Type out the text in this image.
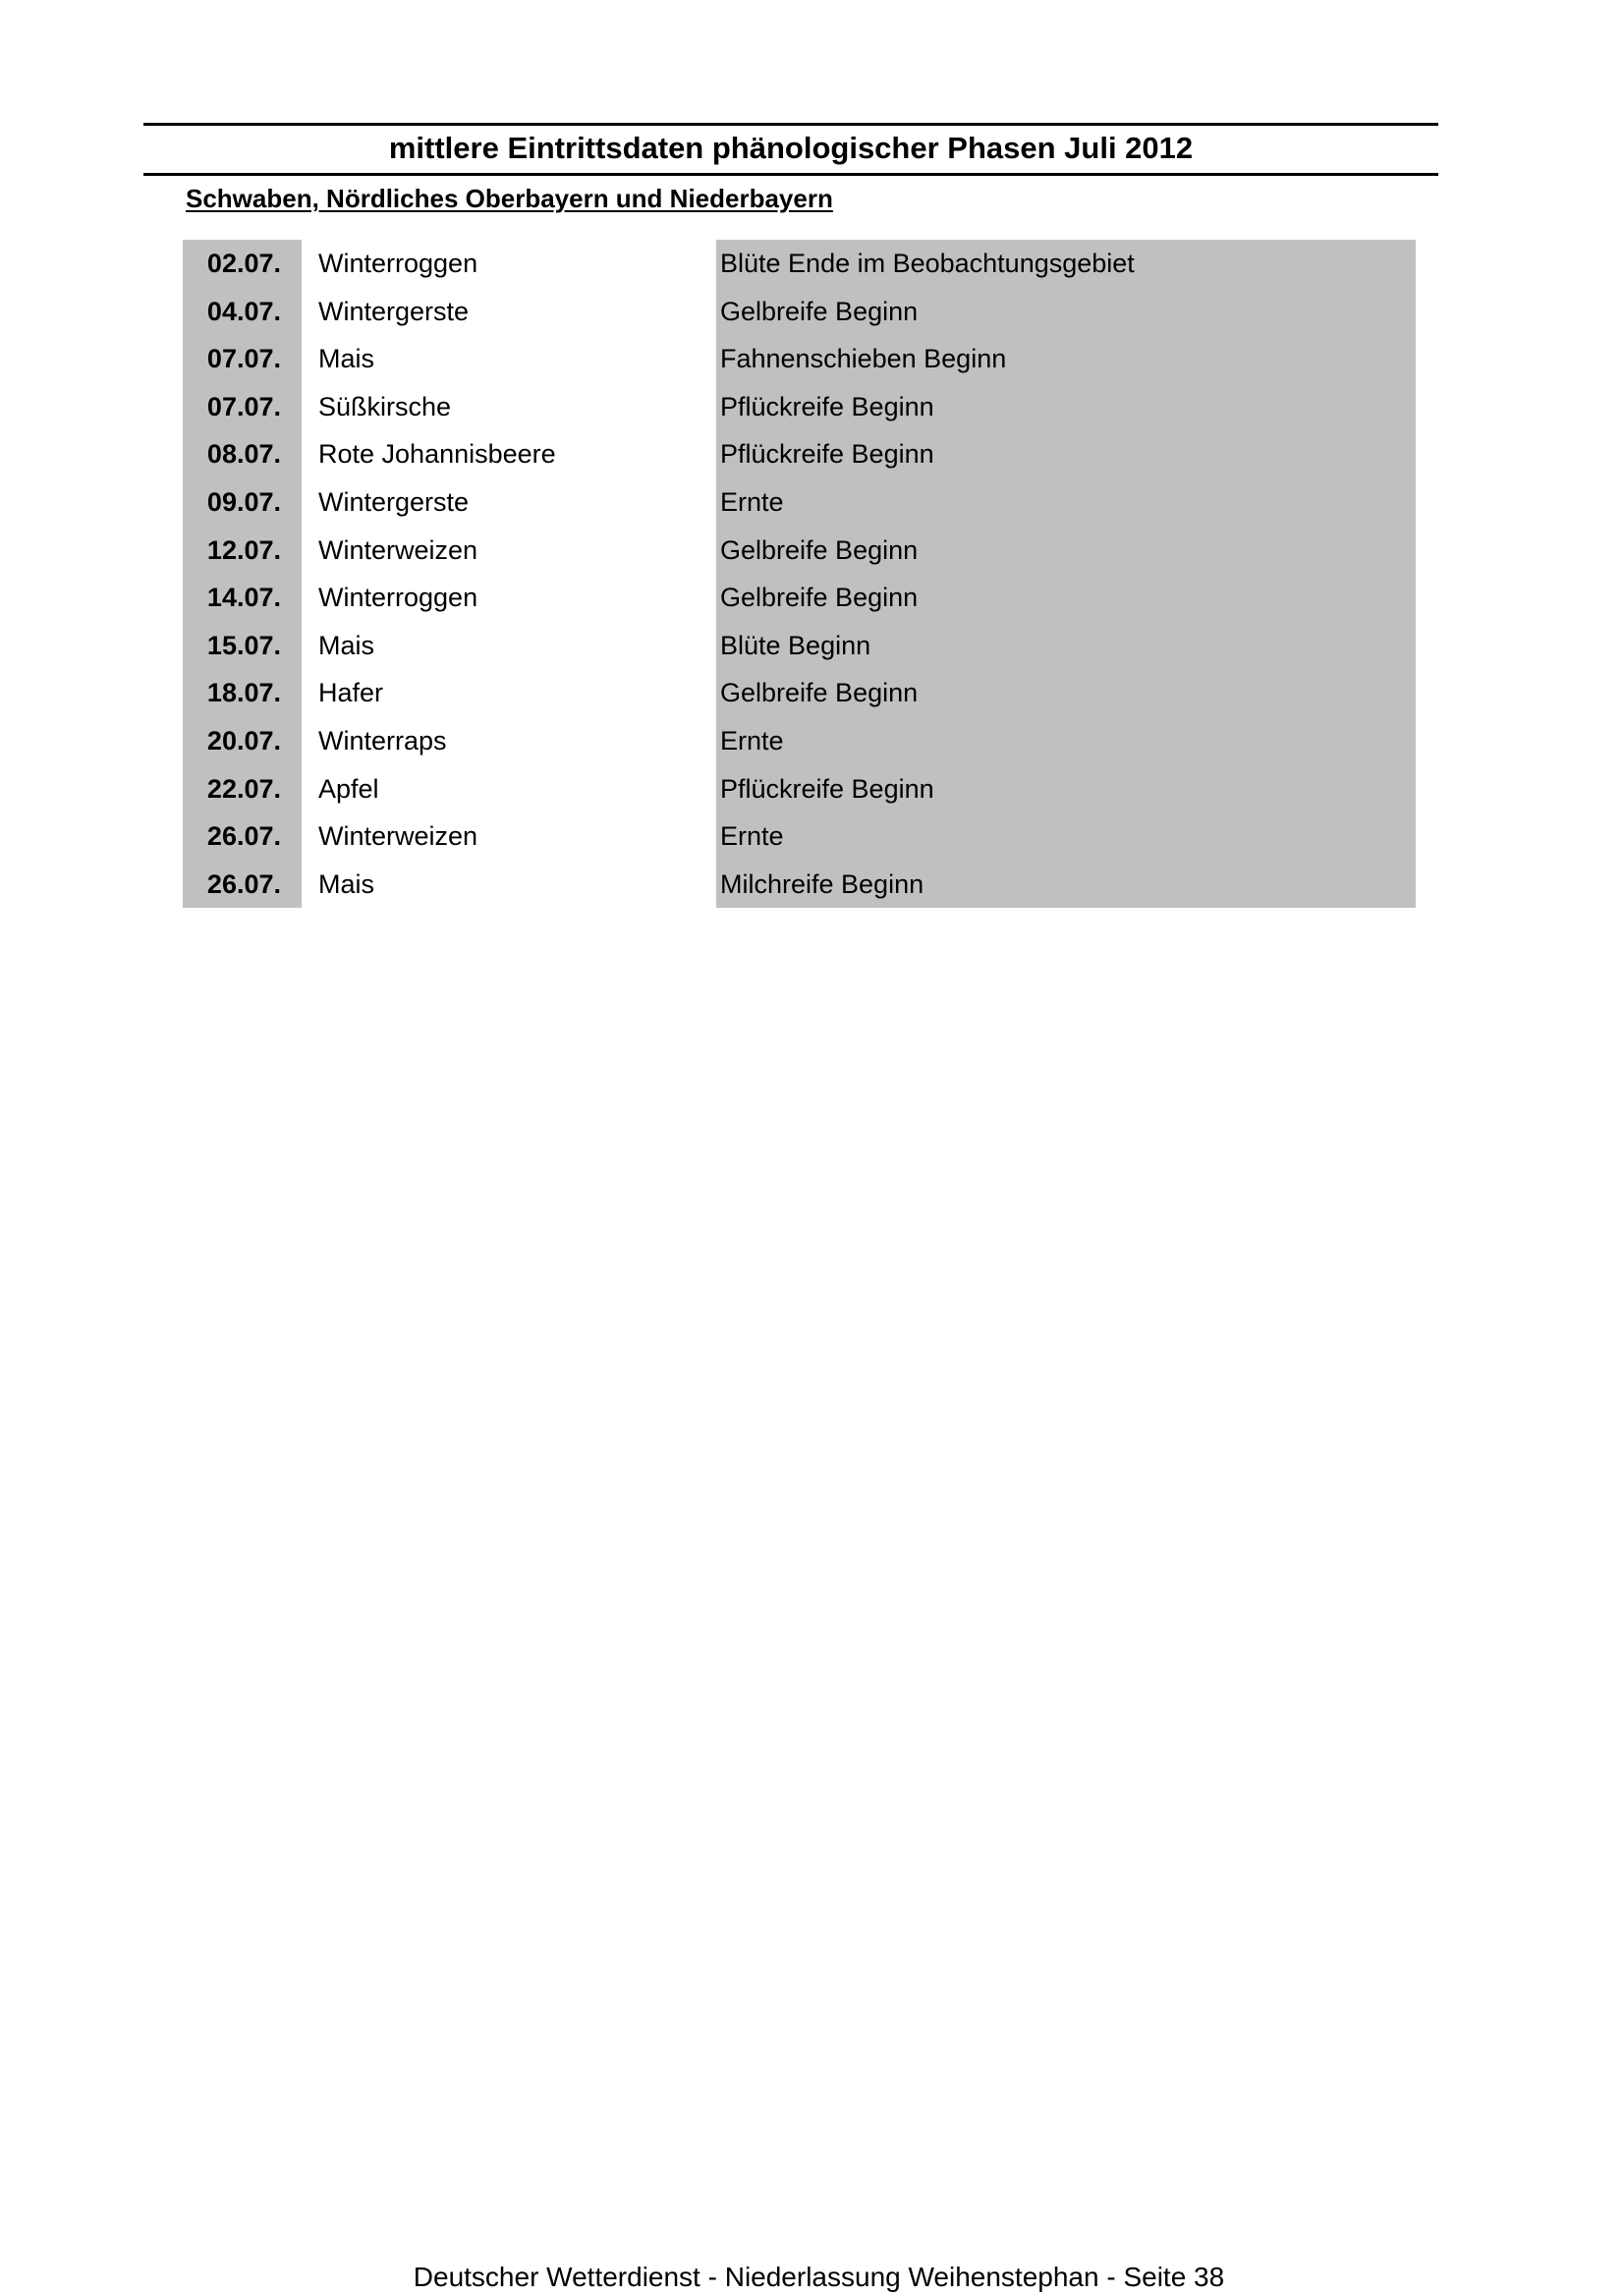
mittlere Eintrittsdaten phänologischer Phasen Juli 2012
Schwaben, Nördliches Oberbayern und Niederbayern
02.07.	Winterroggen	Blüte Ende im Beobachtungsgebiet
04.07.	Wintergerste	Gelbreife Beginn
07.07.	Mais	Fahnenschieben Beginn
07.07.	Süßkirsche	Pflückreife Beginn
08.07.	Rote Johannisbeere	Pflückreife Beginn
09.07.	Wintergerste	Ernte
12.07.	Winterweizen	Gelbreife Beginn
14.07.	Winterroggen	Gelbreife Beginn
15.07.	Mais	Blüte Beginn
18.07.	Hafer	Gelbreife Beginn
20.07.	Winterraps	Ernte
22.07.	Apfel	Pflückreife Beginn
26.07.	Winterweizen	Ernte
26.07.	Mais	Milchreife Beginn
Deutscher Wetterdienst - Niederlassung Weihenstephan - Seite 38
